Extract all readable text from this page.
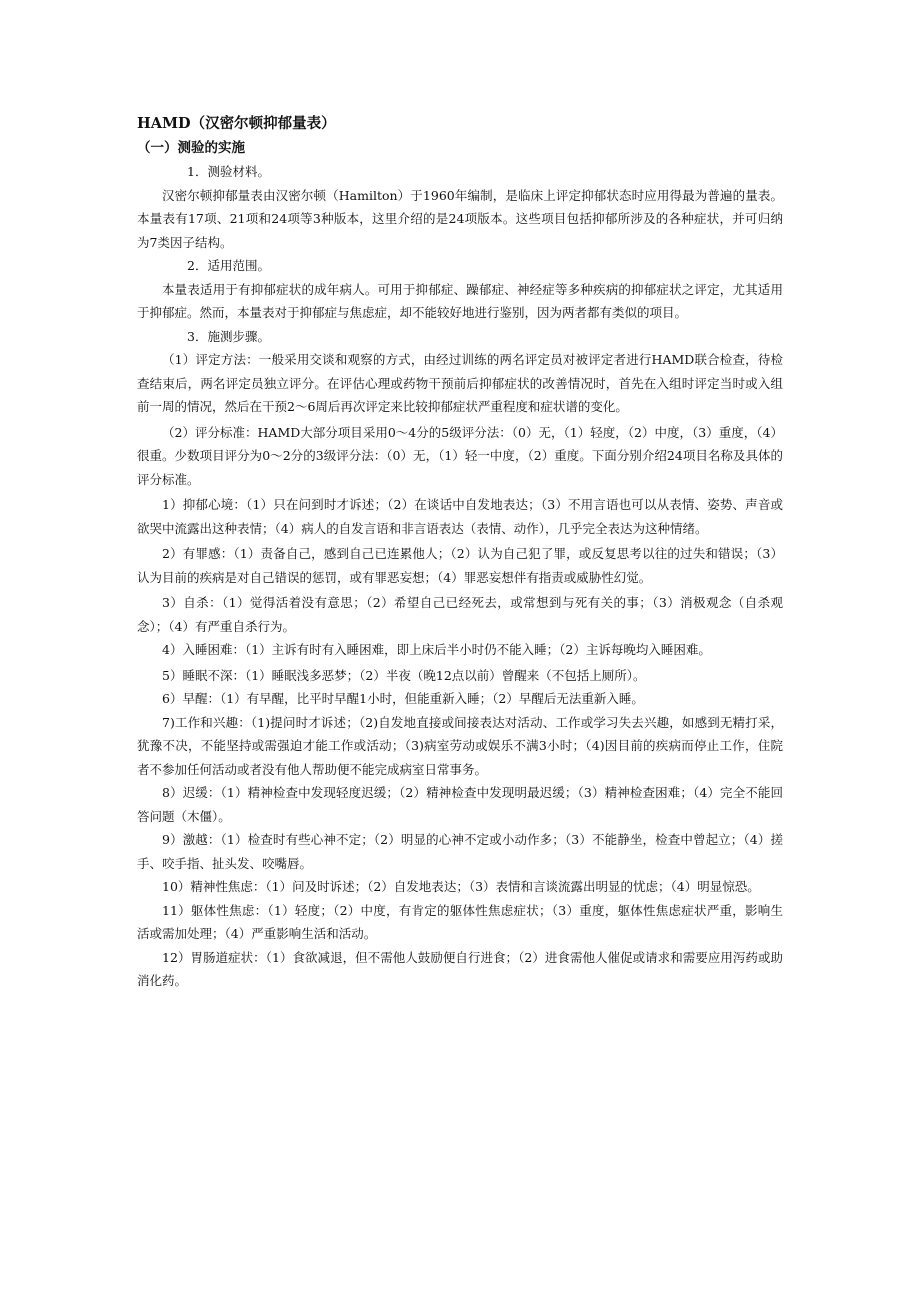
HAMD（汉密尔顿抑郁量表）

（一）测验的实施

1．测验材料。

汉密尔顿抑郁量表由汉密尔顿（Hamilton）于1960年编制，是临床上评定抑郁状态时应用得最为普遍的量表。本量表有17项、21项和24项等3种版本，这里介绍的是24项版本。这些项目包括抑郁所涉及的各种症状，并可归纳为7类因子结构。

2．适用范围。

本量表适用于有抑郁症状的成年病人。可用于抑郁症、躁郁症、神经症等多种疾病的抑郁症状之评定，尤其适用于抑郁症。然而，本量表对于抑郁症与焦虑症，却不能较好地进行鉴别，因为两者都有类似的项目。

3．施测步骤。

（1）评定方法：一般采用交谈和观察的方式，由经过训练的两名评定员对被评定者进行HAMD联合检查，待检查结束后，两名评定员独立评分。在评估心理或药物干预前后抑郁症状的改善情况时，首先在入组时评定当时或入组前一周的情况，然后在干预2～6周后再次评定来比较抑郁症状严重程度和症状谱的变化。

（2）评分标准：HAMD大部分项目采用0～4分的5级评分法：（0）无，（1）轻度，（2）中度，（3）重度，（4）很重。少数项目评分为0～2分的3级评分法：（0）无，（1）轻一中度，（2）重度。下面分别介绍24项目名称及具体的评分标准。

1）抑郁心境：（1）只在问到时才诉述；（2）在谈话中自发地表达；（3）不用言语也可以从表情、姿势、声音或欲哭中流露出这种表情；（4）病人的自发言语和非言语表达（表情、动作），几乎完全表达为这种情绪。

2）有罪感：（1）责备自己，感到自己已连累他人；（2）认为自己犯了罪，或反复思考以往的过失和错误；（3）认为目前的疾病是对自己错误的惩罚，或有罪恶妄想；（4）罪恶妄想伴有指责或威胁性幻觉。

3）自杀：（1）觉得活着没有意思；（2）希望自己已经死去，或常想到与死有关的事；（3）消极观念（自杀观念）；（4）有严重自杀行为。

4）入睡困难：（1）主诉有时有入睡困难，即上床后半小时仍不能入睡；（2）主诉每晚均入睡困难。

5）睡眠不深：（1）睡眠浅多恶梦；（2）半夜（晚12点以前）曾醒来（不包括上厕所）。

6）早醒：（1）有早醒，比平时早醒1小时，但能重新入睡；（2）早醒后无法重新入睡。

7)工作和兴趣：（1)提问时才诉述；（2)自发地直接或间接表达对活动、工作或学习失去兴趣，如感到无精打采，犹豫不决，不能坚持或需强迫才能工作或活动；（3)病室劳动或娱乐不满3小时；（4)因目前的疾病而停止工作，住院者不参加任何活动或者没有他人帮助便不能完成病室日常事务。

8）迟缓：（1）精神检查中发现轻度迟缓；（2）精神检查中发现明最迟缓；（3）精神检查困难；（4）完全不能回答问题（木僵）。

9）激越：（1）检查时有些心神不定；（2）明显的心神不定或小动作多；（3）不能静坐，检查中曾起立；（4）搓手、咬手指、扯头发、咬嘴唇。

10）精神性焦虑：（1）问及时诉述；（2）自发地表达；（3）表情和言谈流露出明显的忧虑；（4）明显惊恐。

11）躯体性焦虑：（1）轻度；（2）中度，有肯定的躯体性焦虑症状；（3）重度，躯体性焦虑症状严重，影响生活或需加处理；（4）严重影响生活和活动。

12）胃肠道症状：（1）食欲减退，但不需他人鼓励便自行进食；（2）进食需他人催促或请求和需要应用泻药或助消化药。
